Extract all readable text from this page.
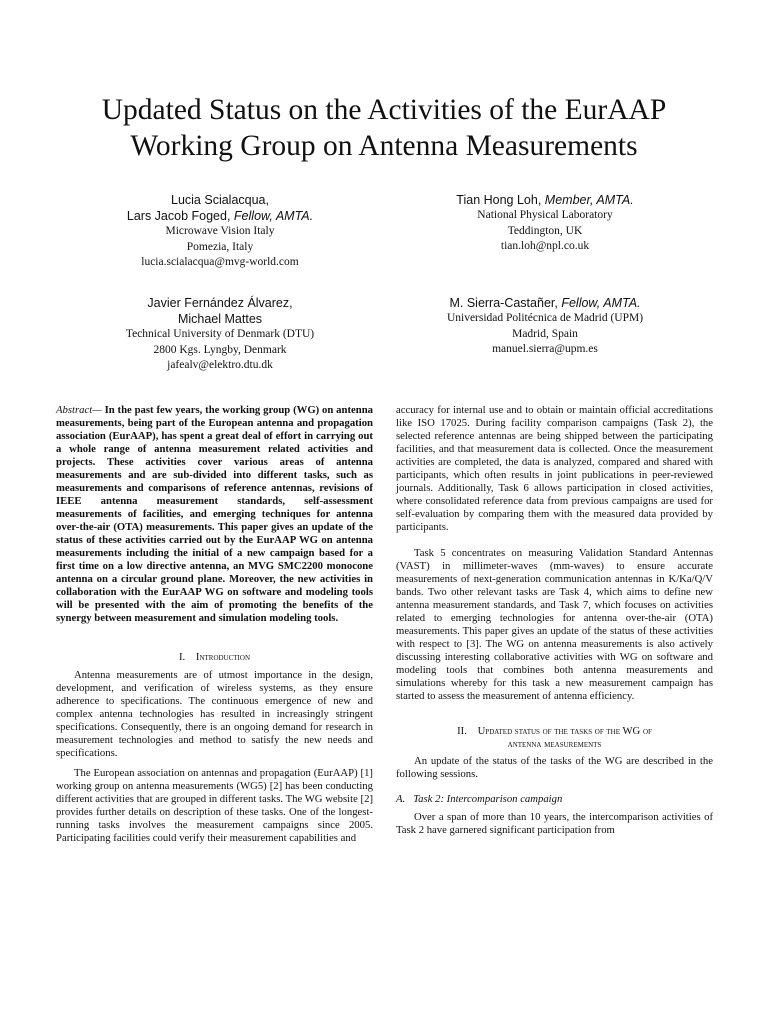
Updated Status on the Activities of the EurAAP
Working Group on Antenna Measurements
Lucia Scialacqua,
Lars Jacob Foged, Fellow, AMTA.
Microwave Vision Italy
Pomezia, Italy
lucia.scialacqua@mvg-world.com
Tian Hong Loh, Member, AMTA.
National Physical Laboratory
Teddington, UK
tian.loh@npl.co.uk
Javier Fernández Álvarez,
Michael Mattes
Technical University of Denmark (DTU)
2800 Kgs. Lyngby, Denmark
jafealv@elektro.dtu.dk
M. Sierra-Castañer, Fellow, AMTA.
Universidad Politécnica de Madrid (UPM)
Madrid, Spain
manuel.sierra@upm.es

Abstract— In the past few years, the working group (WG) on antenna measurements, being part of the European antenna and propagation association (EurAAP), has spent a great deal of effort in carrying out a whole range of antenna measurement related activities and projects. These activities cover various areas of antenna measurements and are sub-divided into different tasks, such as measurements and comparisons of reference antennas, revisions of IEEE antenna measurement standards, self-assessment measurements of facilities, and emerging techniques for antenna over-the-air (OTA) measurements. This paper gives an update of the status of these activities carried out by the EurAAP WG on antenna measurements including the initial of a new campaign based for a first time on a low directive antenna, an MVG SMC2200 monocone antenna on a circular ground plane. Moreover, the new activities in collaboration with the EurAAP WG on software and modeling tools will be presented with the aim of promoting the benefits of the synergy between measurement and simulation modeling tools.

I. Introduction

Antenna measurements are of utmost importance in the design, development, and verification of wireless systems, as they ensure adherence to specifications. The continuous emergence of new and complex antenna technologies has resulted in increasingly stringent specifications. Consequently, there is an ongoing demand for research in measurement technologies and method to satisfy the new needs and specifications.

The European association on antennas and propagation (EurAAP) [1] working group on antenna measurements (WG5) [2] has been conducting different activities that are grouped in different tasks. The WG website [2] provides further details on description of these tasks. One of the longest-running tasks involves the measurement campaigns since 2005. Participating facilities could verify their measurement capabilities and

accuracy for internal use and to obtain or maintain official accreditations like ISO 17025. During facility comparison campaigns (Task 2), the selected reference antennas are being shipped between the participating facilities, and that measurement data is collected. Once the measurement activities are completed, the data is analyzed, compared and shared with participants, which often results in joint publications in peer-reviewed journals. Additionally, Task 6 allows participation in closed activities, where consolidated reference data from previous campaigns are used for self-evaluation by comparing them with the measured data provided by participants.

Task 5 concentrates on measuring Validation Standard Antennas (VAST) in millimeter-waves (mm-waves) to ensure accurate measurements of next-generation communication antennas in K/Ka/Q/V bands. Two other relevant tasks are Task 4, which aims to define new antenna measurement standards, and Task 7, which focuses on activities related to emerging technologies for antenna over-the-air (OTA) measurements. This paper gives an update of the status of these activities with respect to [3]. The WG on antenna measurements is also actively discussing interesting collaborative activities with WG on software and modeling tools that combines both antenna measurements and simulations whereby for this task a new measurement campaign has started to assess the measurement of antenna efficiency.

II. Updated status of the tasks of the WG of
antenna measurements

An update of the status of the tasks of the WG are described in the following sessions.

A. Task 2: Intercomparison campaign

Over a span of more than 10 years, the intercomparison activities of Task 2 have garnered significant participation from
